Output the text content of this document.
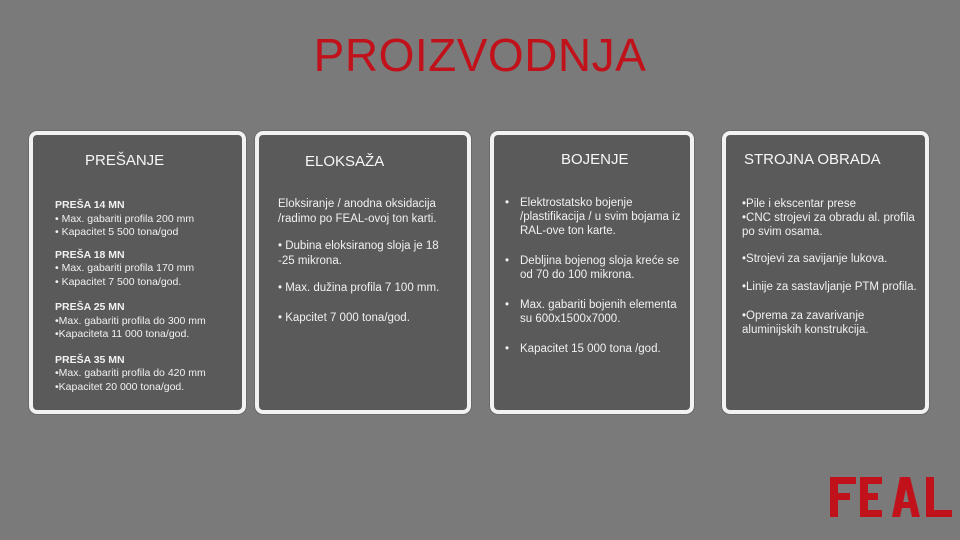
PROIZVODNJA
PREŠANJE

PREŠA 14 MN

• Max. gabariti profila 200 mm

• Kapacitet 5 500 tona/god

PREŠA 18 MN

• Max. gabariti profila 170 mm

• Kapacitet 7 500 tona/god.

PREŠA 25 MN

•Max. gabariti profila do 300 mm

•Kapaciteta 11 000 tona/god.

PREŠA 35 MN

•Max. gabariti profila do 420 mm

•Kapacitet 20 000 tona/god.

ELOKSAŽA

Eloksiranje / anodna oksidacija /radimo po FEAL-ovoj ton karti.

• Dubina eloksiranog sloja je 18 -25 mikrona.

• Max. dužina profila 7 100 mm.

• Kapcitet 7 000 tona/god.

BOJENJE
• Elektrostatsko bojenje /plastifikacija / u svim bojama iz RAL-ove ton karte.
• Debljina bojenog sloja kreće se od 70 do 100 mikrona.
• Max. gabariti bojenih elementa su 600x1500x7000.
• Kapacitet 15 000 tona /god.
STROJNA OBRADA

•Pile i ekscentar prese

•CNC strojevi za obradu al. profila po svim osama.

•Strojevi za savijanje lukova.

•Linije za sastavljanje PTM profila.

•Oprema za zavarivanje aluminijskih konstrukcija.
